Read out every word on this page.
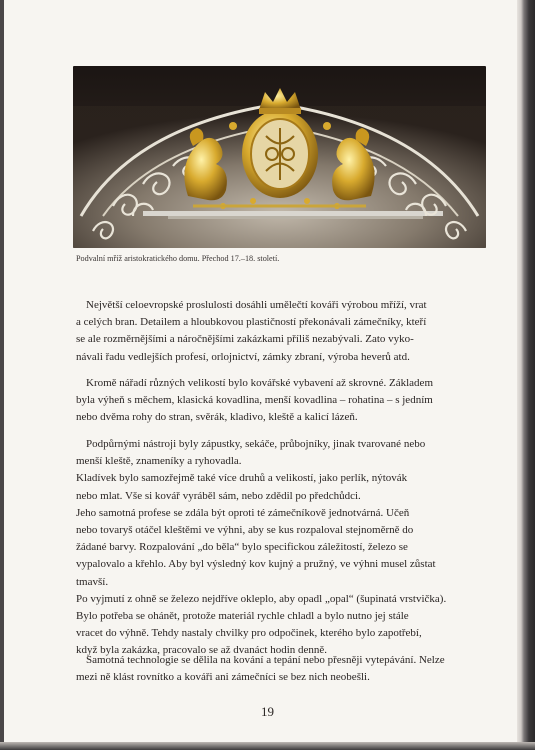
Podvalní mříž aristokratického domu. Přechod 17.–18. století.
Největší celoevropské proslulosti dosáhli umělečtí kováři výrobou mříží, vrat
a celých bran. Detailem a hloubkovou plastičností překonávali zámečníky, kteří
se ale rozměrnějšími a náročnějšími zakázkami příliš nezabývali. Zato vyko-
návali řadu vedlejších profesí, orlojnictví, zámky zbraní, výroba heverů atd.
Kromě nářadí různých velikostí bylo kovářské vybavení až skrovné. Základem
byla výheň s měchem, klasická kovadlina, menší kovadlina – rohatina – s jedním
nebo dvěma rohy do stran, svěrák, kladivo, kleště a kalicí lázeň.
Podpůrnými nástroji byly zápustky, sekáče, průbojníky, jinak tvarované nebo
menší kleště, znameníky a ryhovadla.
Kladívek bylo samozřejmě také více druhů a velikostí, jako perlík, nýtovák
nebo mlat. Vše si kovář vyráběl sám, nebo zdědil po předchůdci.
Jeho samotná profese se zdála být oproti té zámečníkově jednotvárná. Učeň
nebo tovaryš otáčel kleštěmi ve výhni, aby se kus rozpaloval stejnoměrně do
žádané barvy. Rozpalování „do běla“ bylo specifickou záležitostí, železo se
vypalovalo a křehlo. Aby byl výsledný kov kujný a pružný, ve výhni musel zůstat
tmavší.
Po vyjmutí z ohně se železo nejdříve okleplo, aby opadl „opal“ (šupinatá vrstvička).
Bylo potřeba se ohánět, protože materiál rychle chladl a bylo nutno jej stále
vracet do výhně. Tehdy nastaly chvilky pro odpočinek, kterého bylo zapotřebí,
když byla zakázka, pracovalo se až dvanáct hodin denně.
Samotná technologie se dělila na kování a tepání nebo přesněji vytepávání. Nelze
mezi ně klást rovnítko a kováři ani zámečníci se bez nich neobešli.
19
